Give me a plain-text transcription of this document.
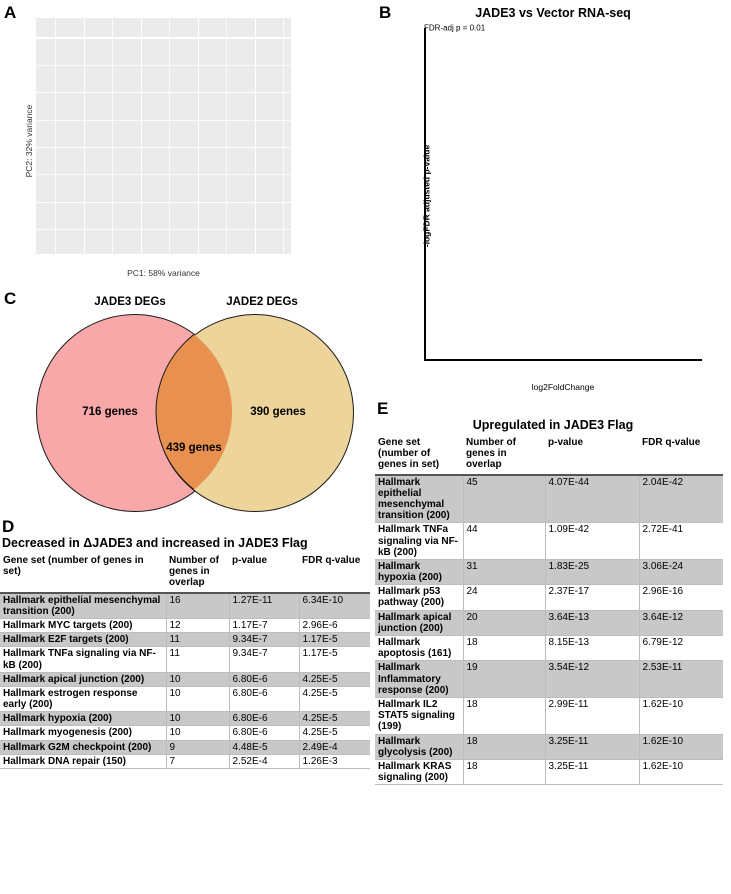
A
PC2: 32% variance
PC1: 58% variance
B	JADE3 vs Vector RNA-seq
-logFDR adjusted p-value
log2FoldChange
FDR-adj p = 0.01
C	JADE3 DEGs	JADE2 DEGs
716 genes	390 genes
439 genes
D
Decreased in ΔJADE3 and increased in JADE3 Flag
Gene set (number of genes in set)	Number of genes in overlap	p-value	FDR q-value
Hallmark epithelial mesenchymal transition (200)	16	1.27E-11	6.34E-10
Hallmark MYC targets (200)	12	1.17E-7	2.96E-6
Hallmark E2F targets (200)	11	9.34E-7	1.17E-5
Hallmark TNFa signaling via NF-kB (200)	11	9.34E-7	1.17E-5
Hallmark apical junction (200)	10	6.80E-6	4.25E-5
Hallmark estrogen response early (200)	10	6.80E-6	4.25E-5
Hallmark hypoxia (200)	10	6.80E-6	4.25E-5
Hallmark myogenesis (200)	10	6.80E-6	4.25E-5
Hallmark G2M checkpoint (200)	9	4.48E-5	2.49E-4
Hallmark DNA repair (150)	7	2.52E-4	1.26E-3
E
Upregulated in JADE3 Flag
Gene set (number of genes in set)	Number of genes in overlap	p-value	FDR q-value
Hallmark epithelial mesenchymal transition (200)	45	4.07E-44	2.04E-42
Hallmark TNFa signaling via NF-kB (200)	44	1.09E-42	2.72E-41
Hallmark hypoxia (200)	31	1.83E-25	3.06E-24
Hallmark p53 pathway (200)	24	2.37E-17	2.96E-16
Hallmark apical junction (200)	20	3.64E-13	3.64E-12
Hallmark apoptosis (161)	18	8.15E-13	6.79E-12
Hallmark Inflammatory response (200)	19	3.54E-12	2.53E-11
Hallmark IL2 STAT5 signaling (199)	18	2.99E-11	1.62E-10
Hallmark glycolysis (200)	18	3.25E-11	1.62E-10
Hallmark KRAS signaling (200)	18	3.25E-11	1.62E-10
